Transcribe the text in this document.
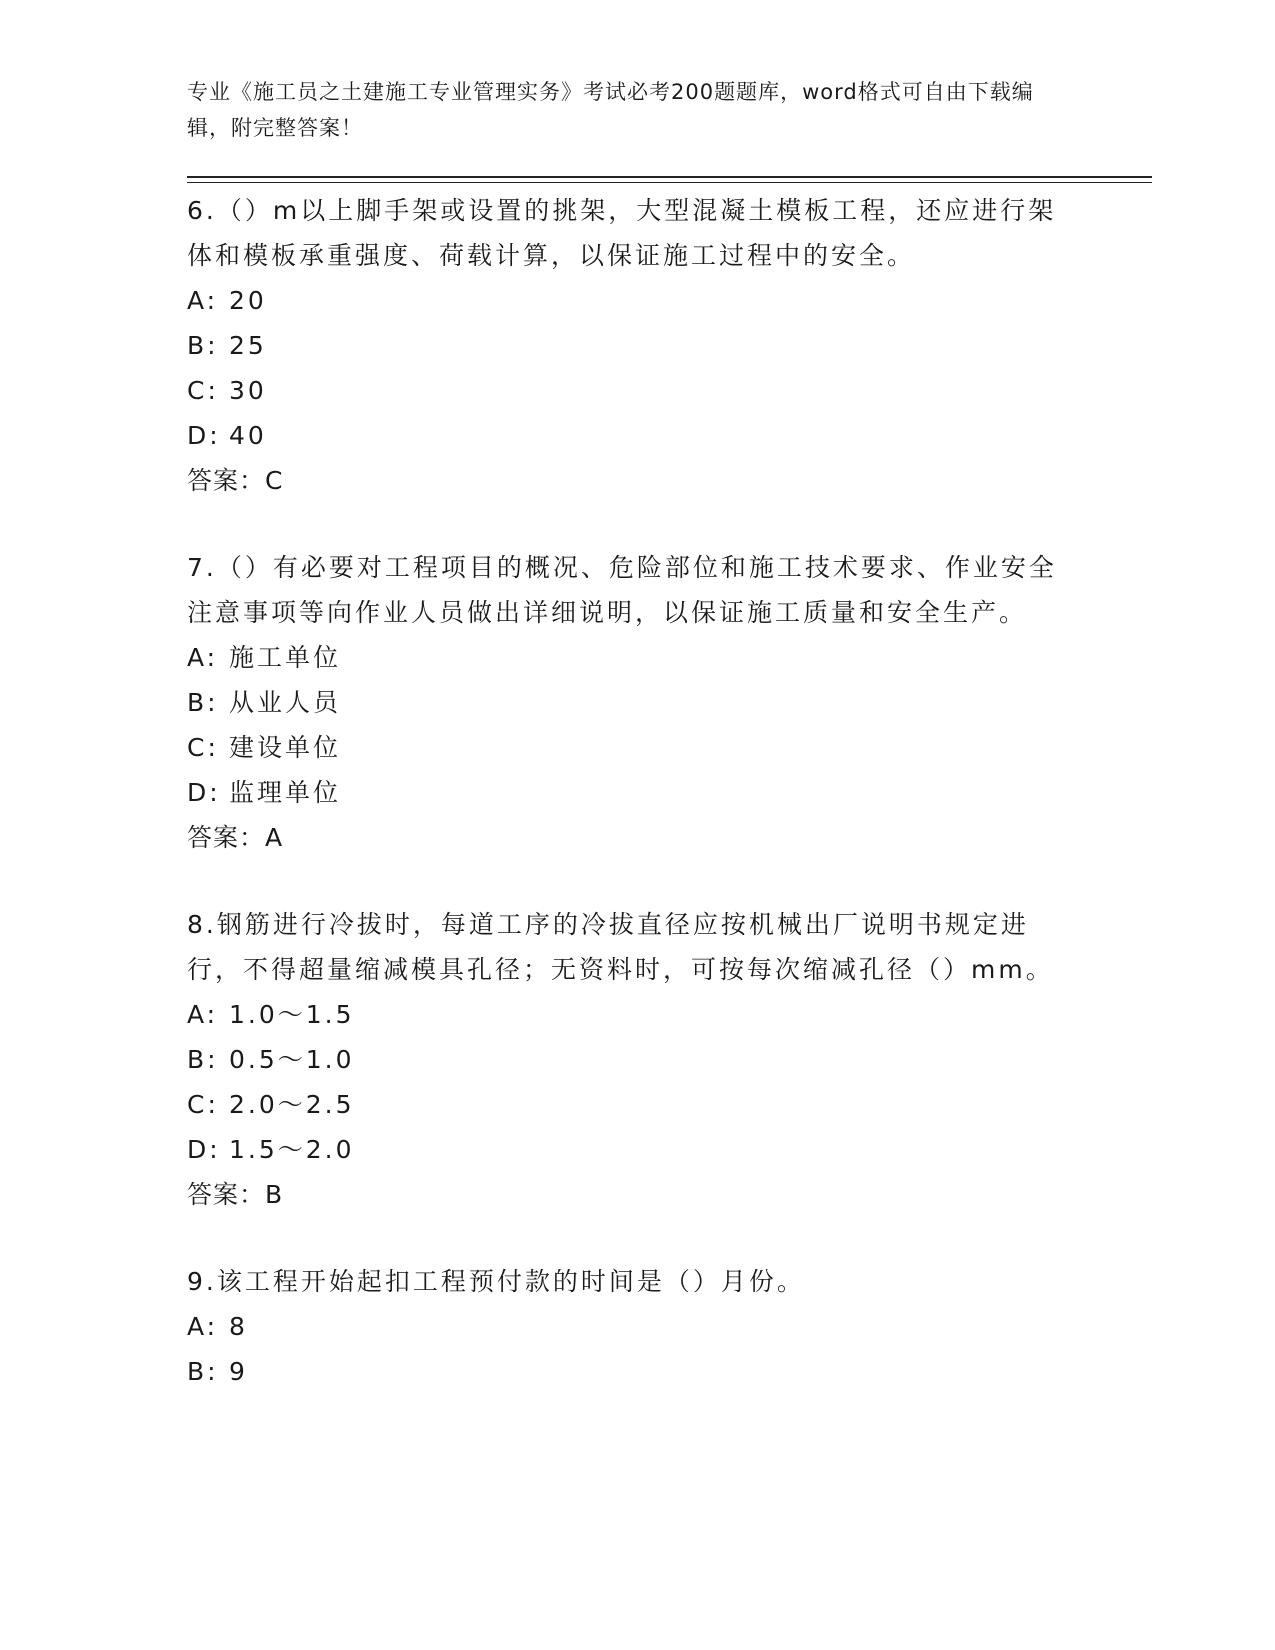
专业《施工员之土建施工专业管理实务》考试必考200题题库，word格式可自由下载编辑，附完整答案！
6.（）m以上脚手架或设置的挑架，大型混凝土模板工程，还应进行架体和模板承重强度、荷载计算，以保证施工过程中的安全。
A: 20
B: 25
C: 30
D: 40
答案：C
7.（）有必要对工程项目的概况、危险部位和施工技术要求、作业安全注意事项等向作业人员做出详细说明，以保证施工质量和安全生产。
A: 施工单位
B: 从业人员
C: 建设单位
D: 监理单位
答案：A
8.钢筋进行冷拔时，每道工序的冷拔直径应按机械出厂说明书规定进行，不得超量缩减模具孔径；无资料时，可按每次缩减孔径（）mm。
A: 1.0～1.5
B: 0.5～1.0
C: 2.0～2.5
D: 1.5～2.0
答案：B
9.该工程开始起扣工程预付款的时间是（）月份。
A: 8
B: 9
